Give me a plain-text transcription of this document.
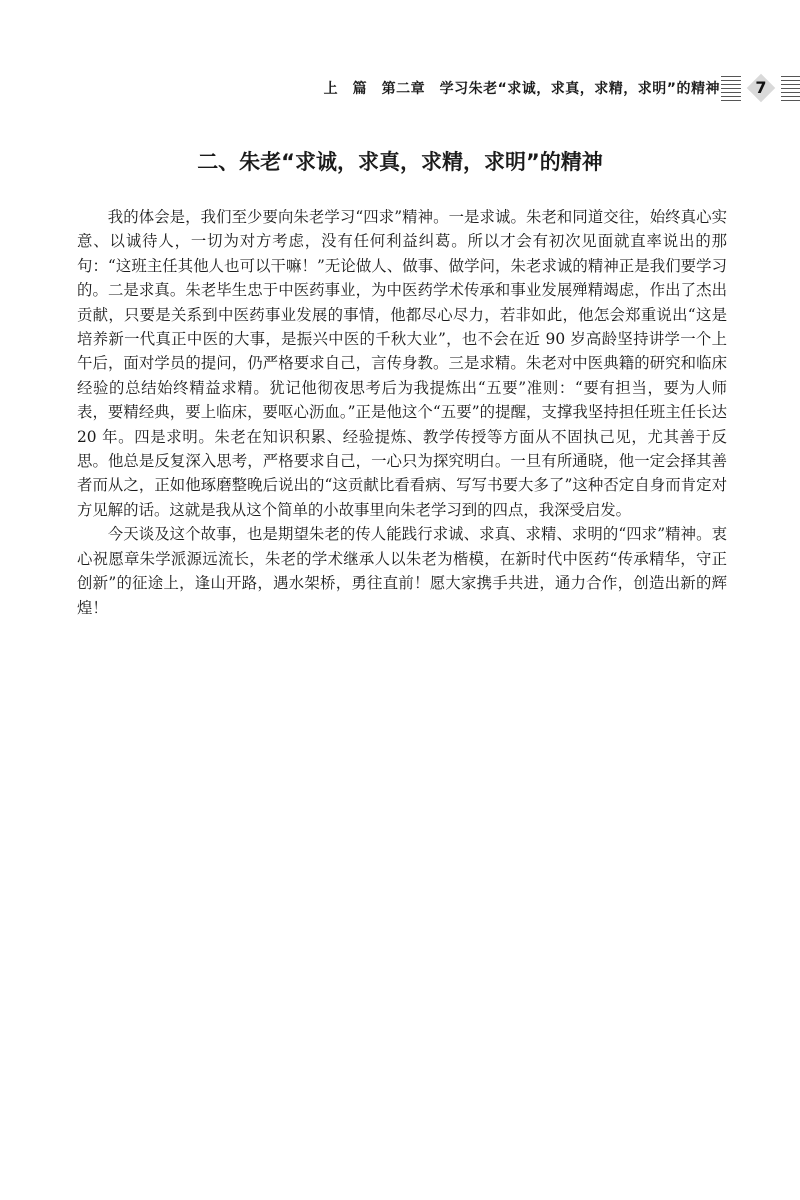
上　篇　第二章　学习朱老“求诚，求真，求精，求明”的精神	7
二、朱老“求诚，求真，求精，求明”的精神

我的体会是，我们至少要向朱老学习“四求”精神。一是求诚。朱老和同道交往，始终真心实意、以诚待人，一切为对方考虑，没有任何利益纠葛。所以才会有初次见面就直率说出的那句：“这班主任其他人也可以干嘛！”无论做人、做事、做学问，朱老求诚的精神正是我们要学习的。二是求真。朱老毕生忠于中医药事业，为中医药学术传承和事业发展殚精竭虑，作出了杰出贡献，只要是关系到中医药事业发展的事情，他都尽心尽力，若非如此，他怎会郑重说出“这是培养新一代真正中医的大事，是振兴中医的千秋大业”，也不会在近 90 岁高龄坚持讲学一个上午后，面对学员的提问，仍严格要求自己，言传身教。三是求精。朱老对中医典籍的研究和临床经验的总结始终精益求精。犹记他彻夜思考后为我提炼出“五要”准则：“要有担当，要为人师表，要精经典，要上临床，要呕心沥血。”正是他这个“五要”的提醒，支撑我坚持担任班主任长达 20 年。四是求明。朱老在知识积累、经验提炼、教学传授等方面从不固执己见，尤其善于反思。他总是反复深入思考，严格要求自己，一心只为探究明白。一旦有所通晓，他一定会择其善者而从之，正如他琢磨整晚后说出的“这贡献比看看病、写写书要大多了”这种否定自身而肯定对方见解的话。这就是我从这个简单的小故事里向朱老学习到的四点，我深受启发。

今天谈及这个故事，也是期望朱老的传人能践行求诚、求真、求精、求明的“四求”精神。衷心祝愿章朱学派源远流长，朱老的学术继承人以朱老为楷模，在新时代中医药“传承精华，守正创新”的征途上，逢山开路，遇水架桥，勇往直前！愿大家携手共进，通力合作，创造出新的辉煌！
